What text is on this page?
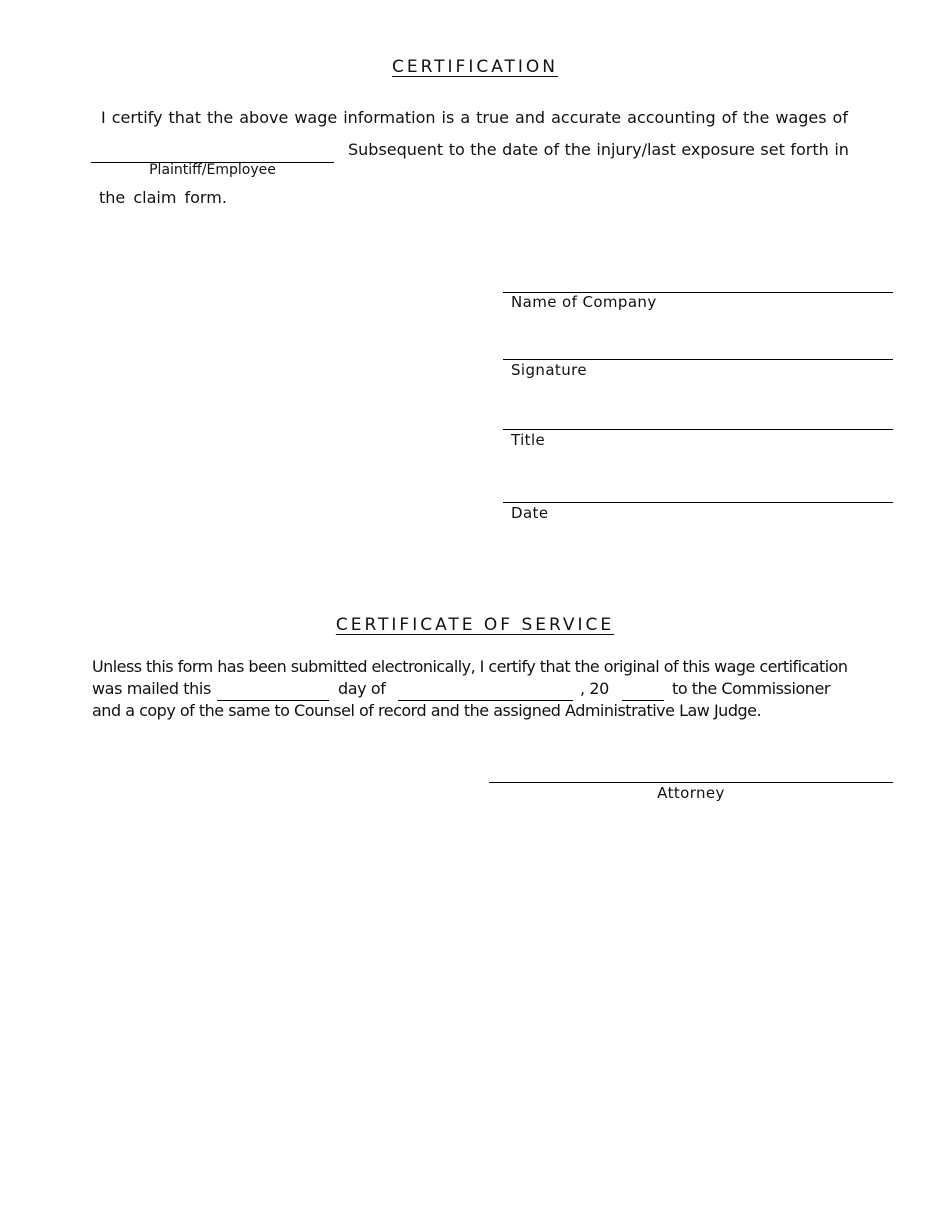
CERTIFICATION
I certify that the above wage information is a true and accurate accounting of the wages of
Plaintiff/Employee
Subsequent to the date of the injury/last exposure set forth in
the claim form.
Name of Company
Signature
Title
Date
CERTIFICATE OF SERVICE
Unless this form has been submitted electronically, I certify that the original of this wage certification
was mailed this	day of	, 20	to the Commissioner
and a copy of the same to Counsel of record and the assigned Administrative Law Judge.
Attorney
